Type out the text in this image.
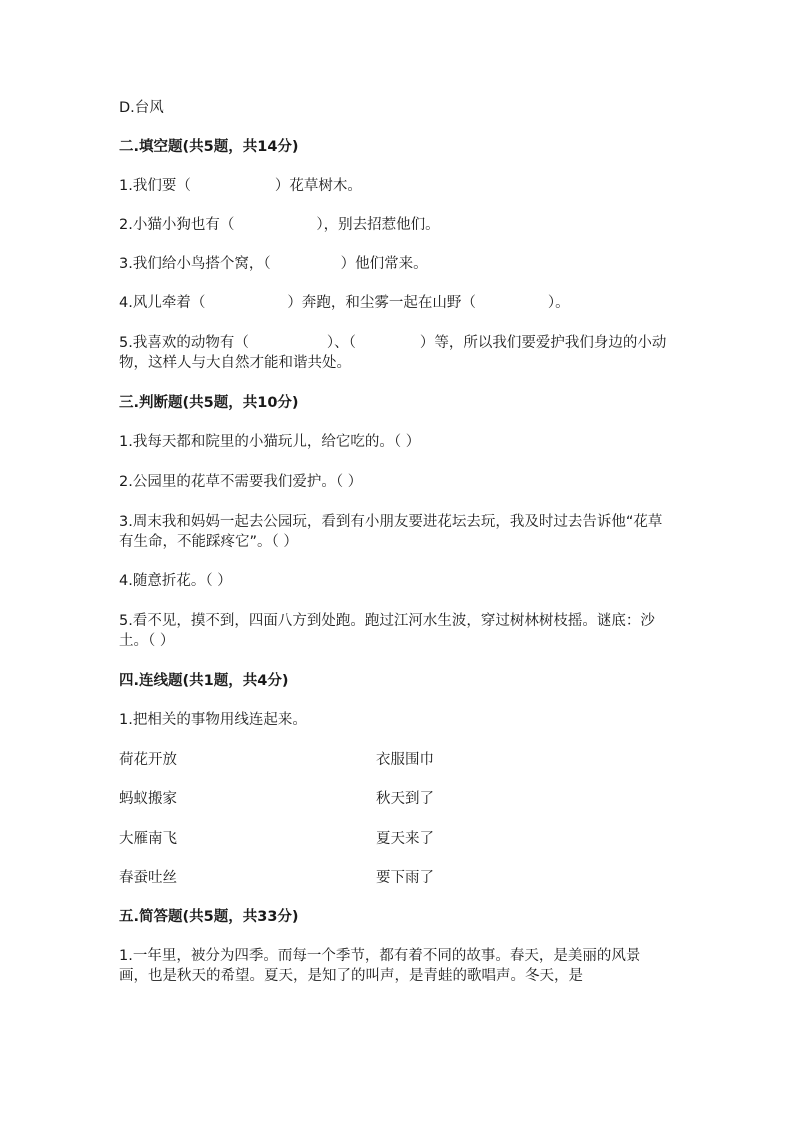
D.台风
二.填空题(共5题，共14分)
1.我们要（	）花草树木。
2.小猫小狗也有（	），别去招惹他们。
3.我们给小鸟搭个窝，（	）他们常来。
4.风儿牵着（	）奔跑，和尘雾一起在山野（	）。
5.我喜欢的动物有（	）、（	）等，所以我们要爱护我们身边的小动物，这样人与大自然才能和谐共处。
三.判断题(共5题，共10分)
1.我每天都和院里的小猫玩儿，给它吃的。（ ）
2.公园里的花草不需要我们爱护。（ ）
3.周末我和妈妈一起去公园玩，看到有小朋友要进花坛去玩，我及时过去告诉他“花草有生命，不能踩疼它”。（ ）
4.随意折花。（ ）
5.看不见，摸不到，四面八方到处跑。跑过江河水生波，穿过树林树枝摇。谜底：沙土。（ ）
四.连线题(共1题，共4分)
1.把相关的事物用线连起来。
荷花开放	衣服围巾
蚂蚁搬家	秋天到了
大雁南飞	夏天来了
春蚕吐丝	要下雨了
五.简答题(共5题，共33分)
1.一年里，被分为四季。而每一个季节，都有着不同的故事。春天，是美丽的风景画，也是秋天的希望。夏天，是知了的叫声，是青蛙的歌唱声。冬天，是
